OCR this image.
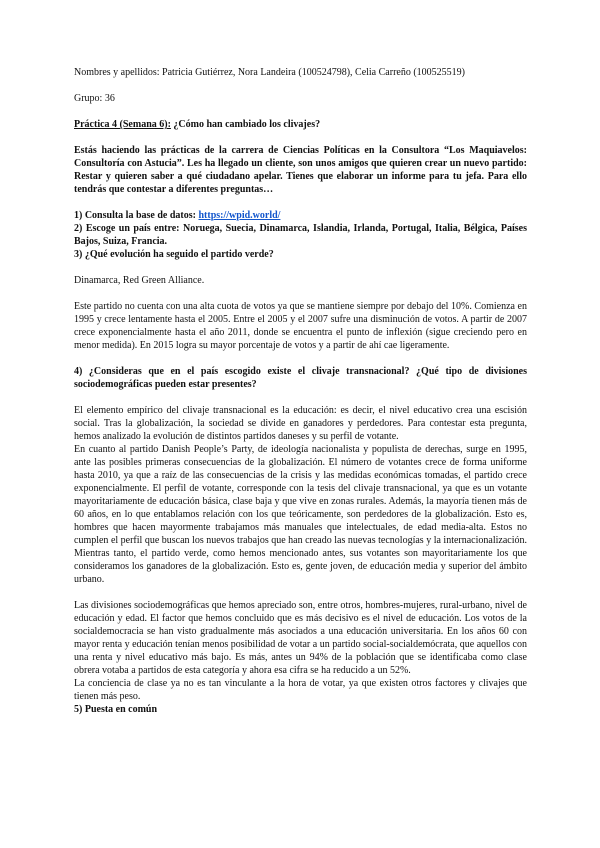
Nombres y apellidos: Patricia Gutiérrez, Nora Landeira (100524798), Celia Carreño (100525519)

Grupo: 36

Práctica 4 (Semana 6): ¿Cómo han cambiado los clivajes?

Estás haciendo las prácticas de la carrera de Ciencias Políticas en la Consultora “Los Maquiavelos: Consultoría con Astucia”. Les ha llegado un cliente, son unos amigos que quieren crear un nuevo partido: Restar y quieren saber a qué ciudadano apelar. Tienes que elaborar un informe para tu jefa. Para ello tendrás que contestar a diferentes preguntas…

1) Consulta la base de datos: https://wpid.world/

2) Escoge un país entre: Noruega, Suecia, Dinamarca, Islandia, Irlanda, Portugal, Italia, Bélgica, Países Bajos, Suiza, Francia.

3) ¿Qué evolución ha seguido el partido verde?

Dinamarca, Red Green Alliance.

Este partido no cuenta con una alta cuota de votos ya que se mantiene siempre por debajo del 10%. Comienza en 1995 y crece lentamente hasta el 2005. Entre el 2005 y el 2007 sufre una disminución de votos. A partir de 2007 crece exponencialmente hasta el año 2011, donde se encuentra el punto de inflexión (sigue creciendo pero en menor medida). En 2015 logra su mayor porcentaje de votos y a partir de ahí cae ligeramente.

4) ¿Consideras que en el país escogido existe el clivaje transnacional? ¿Qué tipo de divisiones sociodemográficas pueden estar presentes?

El elemento empírico del clivaje transnacional es la educación: es decir, el nivel educativo crea una escisión social. Tras la globalización, la sociedad se divide en ganadores y perdedores. Para contestar esta pregunta, hemos analizado la evolución de distintos partidos daneses y su perfil de votante.

En cuanto al partido Danish People’s Party, de ideología nacionalista y populista de derechas, surge en 1995, ante las posibles primeras consecuencias de la globalización. El número de votantes crece de forma uniforme hasta 2010, ya que a raíz de las consecuencias de la crisis y las medidas económicas tomadas, el partido crece exponencialmente. El perfil de votante, corresponde con la tesis del clivaje transnacional, ya que es un votante mayoritariamente de educación básica, clase baja y que vive en zonas rurales. Además, la mayoría tienen más de 60 años, en lo que entablamos relación con los que teóricamente, son perdedores de la globalización. Esto es, hombres que hacen mayormente trabajamos más manuales que intelectuales, de edad media-alta. Estos no cumplen el perfil que buscan los nuevos trabajos que han creado las nuevas tecnologías y la internacionalización. Mientras tanto, el partido verde, como hemos mencionado antes, sus votantes son mayoritariamente los que consideramos los ganadores de la globalización. Esto es, gente joven, de educación media y superior del ámbito urbano.

Las divisiones sociodemográficas que hemos apreciado son, entre otros, hombres-mujeres, rural-urbano, nivel de educación y edad. El factor que hemos concluido que es más decisivo es el nivel de educación. Los votos de la socialdemocracia se han visto gradualmente más asociados a una educación universitaria. En los años 60 con mayor renta y educación tenían menos posibilidad de votar a un partido social-socialdemócrata, que aquellos con una renta y nivel educativo más bajo. Es más, antes un 94% de la población que se identificaba como clase obrera votaba a partidos de esta categoría y ahora esa cifra se ha reducido a un 52%.

La conciencia de clase ya no es tan vinculante a la hora de votar, ya que existen otros factores y clivajes que tienen más peso.

5) Puesta en común
